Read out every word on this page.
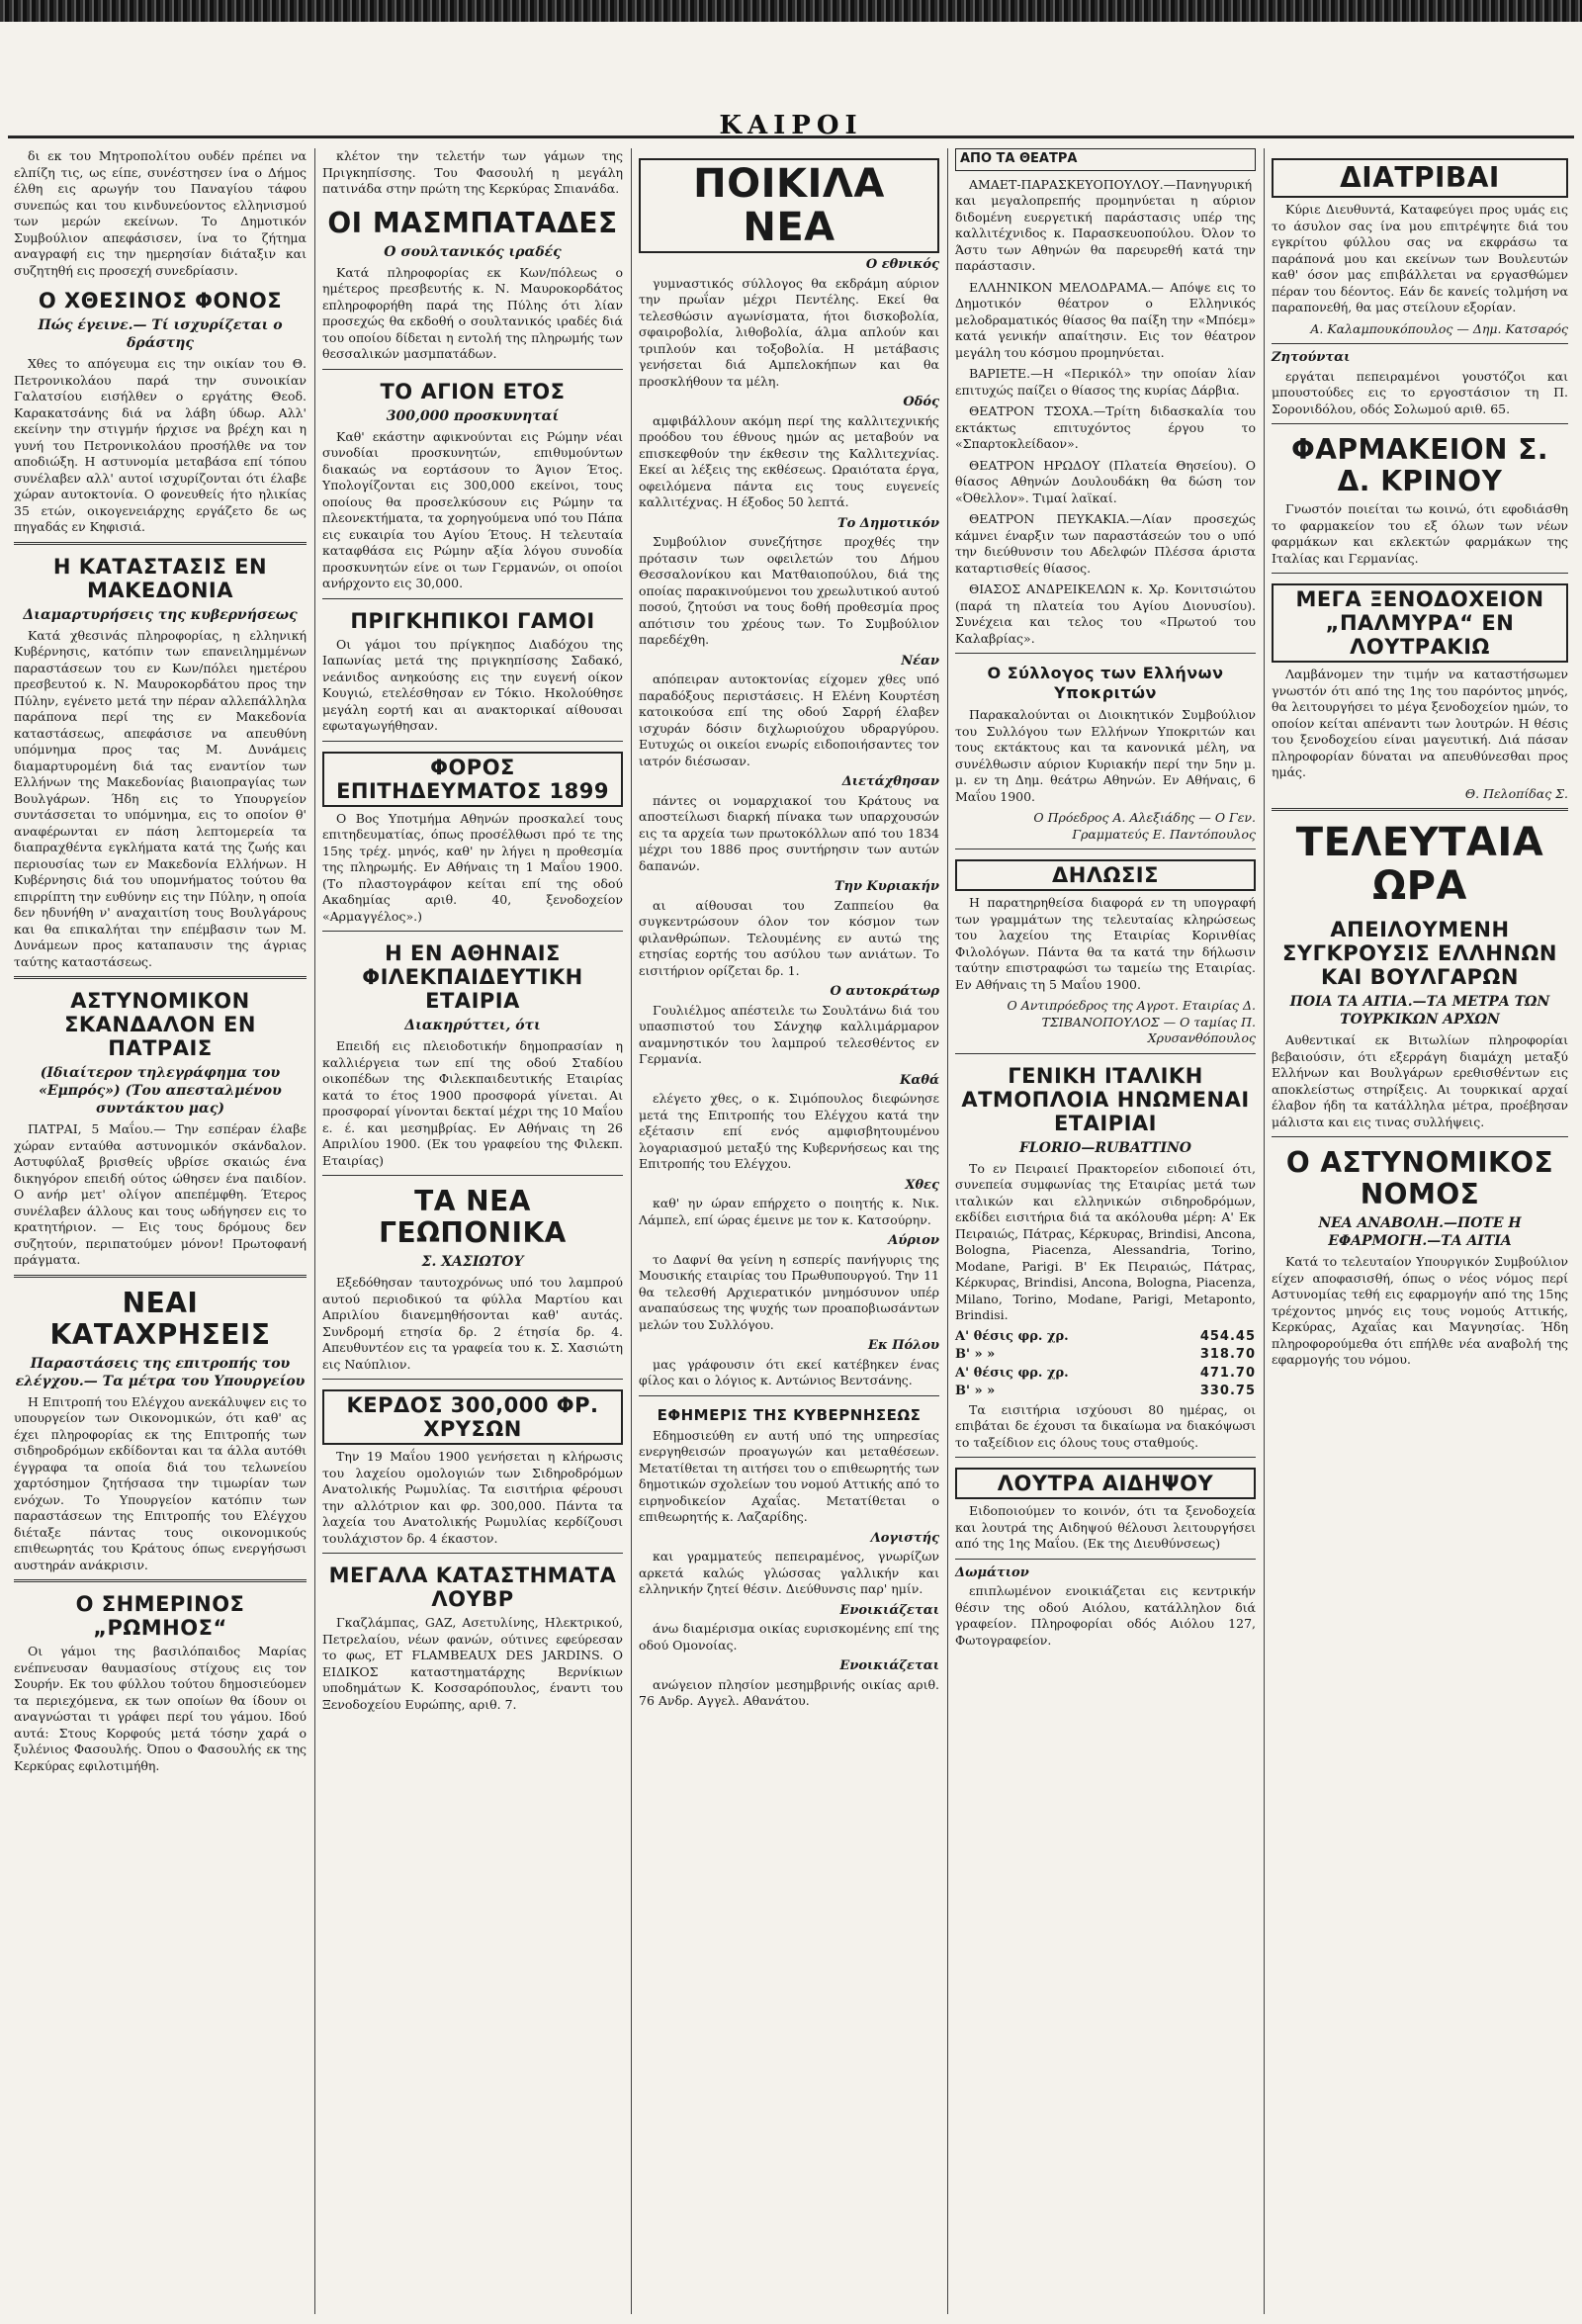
ΚΑΙΡΟΙ

δι εκ του Μητροπολίτου ουδέν πρέπει να ελπίζη τις, ως είπε, συνέστησεν ίνα ο Δήμος έλθη εις αρωγήν του Παναγίου τάφου συνεπώς και του κινδυνεύοντος ελληνισμού των μερών εκείνων. Το Δημοτικόν Συμβούλιον απεφάσισεν, ίνα το ζήτημα αναγραφή εις την ημερησίαν διάταξιν και συζητηθή εις προσεχή συνεδρίασιν.

Ο ΧΘΕΣΙΝΟΣ ΦΟΝΟΣ
Πώς έγεινε.— Τί ισχυρίζεται ο δράστης

Χθες το απόγευμα εις την οικίαν του Θ. Πετρονικολάου παρά την συνοικίαν Γαλατσίου εισήλθεν ο εργάτης Θεοδ. Καρακατσάνης διά να λάβη ύδωρ. Αλλ' εκείνην την στιγμήν ήρχισε να βρέχη και η γυνή του Πετρονικολάου προσήλθε να τον αποδιώξη. Η αστυνομία μεταβάσα επί τόπου συνέλαβεν αλλ' αυτοί ισχυρίζονται ότι έλαβε χώραν αυτοκτονία. Ο φονευθείς ήτο ηλικίας 35 ετών, οικογενειάρχης εργάζετο δε ως πηγαδάς εν Κηφισιά.

Η ΚΑΤΑΣΤΑΣΙΣ ΕΝ ΜΑΚΕΔΟΝΙΑ
Διαμαρτυρήσεις της κυβερνήσεως

Κατά χθεσινάς πληροφορίας, η ελληνική Κυβέρνησις, κατόπιν των επανειλημμένων παραστάσεων του εν Κων/πόλει ημετέρου πρεσβευτού κ. Ν. Μαυροκορδάτου προς την Πύλην, εγένετο μετά την πέραν αλλεπάλληλα παράπονα περί της εν Μακεδονία καταστάσεως, απεφάσισε να απευθύνη υπόμνημα προς τας Μ. Δυνάμεις διαμαρτυρομένη διά τας εναντίον των Ελλήνων της Μακεδονίας βιαιοπραγίας των Βουλγάρων. Ήδη εις το Υπουργείον συντάσσεται το υπόμνημα, εις το οποίον θ' αναφέρωνται εν πάση λεπτομερεία τα διαπραχθέντα εγκλήματα κατά της ζωής και περιουσίας των εν Μακεδονία Ελλήνων. Η Κυβέρνησις διά του υπομνήματος τούτου θα επιρρίπτη την ευθύνην εις την Πύλην, η οποία δεν ηδυνήθη ν' αναχαιτίση τους Βουλγάρους και θα επικαλήται την επέμβασιν των Μ. Δυνάμεων προς καταπαυσιν της άγριας ταύτης καταστάσεως.

ΑΣΤΥΝΟΜΙΚΟΝ ΣΚΑΝΔΑΛΟΝ ΕΝ ΠΑΤΡΑΙΣ
(Ιδιαίτερον τηλεγράφημα του «Εμπρός») (Του απεσταλμένου συντάκτου μας)

ΠΑΤΡΑΙ, 5 Μαΐου.— Την εσπέραν έλαβε χώραν ενταύθα αστυνομικόν σκάνδαλον. Αστυφύλαξ βρισθείς υβρίσε σκαιώς ένα δικηγόρον επειδή ούτος ώθησεν ένα παιδίον. Ο ανήρ μετ' ολίγον απεπέμφθη. Έτερος συνέλαβεν άλλους και τους ωδήγησεν εις το κρατητήριον. — Εις τους δρόμους δεν συζητούν, περιπατούμεν μόνον! Πρωτοφανή πράγματα.

ΝΕΑΙ ΚΑΤΑΧΡΗΣΕΙΣ
Παραστάσεις της επιτροπής του ελέγχου.— Τα μέτρα του Υπουργείου

Η Επιτροπή του Ελέγχου ανεκάλυψεν εις το υπουργείον των Οικονομικών, ότι καθ' ας έχει πληροφορίας εκ της Επιτροπής των σιδηροδρόμων εκδίδονται και τα άλλα αυτόθι έγγραφα τα οποία διά του τελωνείου χαρτόσημον ζητήσασα την τιμωρίαν των ενόχων. Το Υπουργείον κατόπιν των παραστάσεων της Επιτροπής του Ελέγχου διέταξε πάντας τους οικονομικούς επιθεωρητάς του Κράτους όπως ενεργήσωσι αυστηράν ανάκρισιν.

Ο ΣΗΜΕΡΙΝΟΣ „ΡΩΜΗΟΣ“

Οι γάμοι της βασιλόπαιδος Μαρίας ενέπνευσαν θαυμασίους στίχους εις τον Σουρήν. Εκ του φύλλου τούτου δημοσιεύομεν τα περιεχόμενα, εκ των οποίων θα ίδουν οι αναγνώσται τι γράφει περί του γάμου. Ιδού αυτά: Στους Κορφούς μετά τόσην χαρά ο ξυλένιος Φασουλής. Όπου ο Φασουλής εκ της Κερκύρας εφιλοτιμήθη.

κλέτον την τελετήν των γάμων της Πριγκηπίσσης. Του Φασουλή η μεγάλη πατινάδα στην πρώτη της Κερκύρας Σπιανάδα.

ΟΙ ΜΑΣΜΠΑΤΑΔΕΣ
Ο σουλτανικός ιραδές

Κατά πληροφορίας εκ Κων/πόλεως ο ημέτερος πρεσβευτής κ. Ν. Μαυροκορδάτος επληροφορήθη παρά της Πύλης ότι λίαν προσεχώς θα εκδοθή ο σουλτανικός ιραδές διά του οποίου δίδεται η εντολή της πληρωμής των θεσσαλικών μασμπατάδων.

ΤΟ ΑΓΙΟΝ ΕΤΟΣ
300,000 προσκυνηταί

Καθ' εκάστην αφικνούνται εις Ρώμην νέαι συνοδίαι προσκυνητών, επιθυμούντων διακαώς να εορτάσουν το Άγιον Έτος. Υπολογίζονται εις 300,000 εκείνοι, τους οποίους θα προσελκύσουν εις Ρώμην τα πλεονεκτήματα, τα χορηγούμενα υπό του Πάπα εις ευκαιρία του Αγίου Έτους. Η τελευταία καταφθάσα εις Ρώμην αξία λόγου συνοδία προσκυνητών είνε οι των Γερμανών, οι οποίοι ανήρχοντο εις 30,000.

ΠΡΙΓΚΗΠΙΚΟΙ ΓΑΜΟΙ

Οι γάμοι του πρίγκηπος Διαδόχου της Ιαπωνίας μετά της πριγκηπίσσης Σαδακό, νεάνιδος ανηκούσης εις την ευγενή οίκον Κουγιώ, ετελέσθησαν εν Τόκιο. Ηκολούθησε μεγάλη εορτή και αι ανακτορικαί αίθουσαι εφωταγωγήθησαν.

ΦΟΡΟΣ ΕΠΙΤΗΔΕΥΜΑΤΟΣ 1899

Ο Βος Υποτμήμα Αθηνών προσκαλεί τους επιτηδευματίας, όπως προσέλθωσι πρό τε της 15ης τρέχ. μηνός, καθ' ην λήγει η προθεσμία της πληρωμής. Εν Αθήναις τη 1 Μαΐου 1900. (Το πλαστογράφον κείται επί της οδού Ακαδημίας αριθ. 40, ξενοδοχείον «Αρμαγγέλος».)

Η ΕΝ ΑΘΗΝΑΙΣ ΦΙΛΕΚΠΑΙΔΕΥΤΙΚΗ ΕΤΑΙΡΙΑ
Διακηρύττει, ότι

Επειδή εις πλειοδοτικήν δημοπρασίαν η καλλιέργεια των επί της οδού Σταδίου οικοπέδων της Φιλεκπαιδευτικής Εταιρίας κατά το έτος 1900 προσφορά γίνεται. Αι προσφοραί γίνονται δεκταί μέχρι της 10 Μαΐου ε. έ. και μεσημβρίας. Εν Αθήναις τη 26 Απριλίου 1900. (Εκ του γραφείου της Φιλεκπ. Εταιρίας)

ΤΑ ΝΕΑ ΓΕΩΠΟΝΙΚΑ
Σ. ΧΑΣΙΩΤΟΥ

Εξεδόθησαν ταυτοχρόνως υπό του λαμπρού αυτού περιοδικού τα φύλλα Μαρτίου και Απριλίου διανεμηθήσονται καθ' αυτάς. Συνδρομή ετησία δρ. 2 έτησία δρ. 4. Απευθυντέον εις τα γραφεία του κ. Σ. Χασιώτη εις Ναύπλιον.

ΚΕΡΔΟΣ 300,000 ΦΡ. ΧΡΥΣΩΝ

Την 19 Μαΐου 1900 γενήσεται η κλήρωσις του λαχείου ομολογιών των Σιδηροδρόμων Ανατολικής Ρωμυλίας. Τα εισιτήρια φέρουσι την αλλότριον και φρ. 300,000. Πάντα τα λαχεία του Ανατολικής Ρωμυλίας κερδίζουσι τουλάχιστον δρ. 4 έκαστον.

ΜΕΓΑΛΑ ΚΑΤΑΣΤΗΜΑΤΑ ΛΟΥΒΡ

Γκαζλάμπας, GAZ, Ασετυλίνης, Ηλεκτρικού, Πετρελαίου, νέων φανών, ούτινες εφεύρεσαν το φως, ET FLAMBEAUX DES JARDINS. Ο ΕΙΔΙΚΟΣ καταστηματάρχης Βερνίκιων υποδημάτων Κ. Κοσσαρόπουλος, έναντι του Ξενοδοχείου Ευρώπης, αριθ. 7.

ΠΟΙΚΙΛΑ ΝΕΑ
Ο εθνικός

γυμναστικός σύλλογος θα εκδράμη αύριον την πρωΐαν μέχρι Πεντέλης. Εκεί θα τελεσθώσιν αγωνίσματα, ήτοι δισκοβολία, σφαιροβολία, λιθοβολία, άλμα απλούν και τριπλούν και τοξοβολία. Η μετάβασις γενήσεται διά Αμπελοκήπων και θα προσκλήθουν τα μέλη.

Οδός

αμφιβάλλουν ακόμη περί της καλλιτεχνικής προόδου του έθνους ημών ας μεταβούν να επισκεφθούν την έκθεσιν της Καλλιτεχνίας. Εκεί αι λέξεις της εκθέσεως. Ωραιότατα έργα, οφειλόμενα πάντα εις τους ευγενείς καλλιτέχνας. Η έξοδος 50 λεπτά.

Το Δημοτικόν

Συμβούλιον συνεζήτησε προχθές την πρότασιν των οφειλετών του Δήμου Θεσσαλονίκου και Ματθαιοπούλου, διά της οποίας παρακινούμενοι του χρεωλυτικού αυτού ποσού, ζητούσι να τους δοθή προθεσμία προς απότισιν του χρέους των. Το Συμβούλιον παρεδέχθη.

Νέαν

απόπειραν αυτοκτονίας είχομεν χθες υπό παραδόξους περιστάσεις. Η Ελένη Κουρτέση κατοικούσα επί της οδού Σαρρή έλαβεν ισχυράν δόσιν διχλωριούχου υδραργύρου. Ευτυχώς οι οικείοι ενωρίς ειδοποιήσαντες τον ιατρόν διέσωσαν.

Διετάχθησαν

πάντες οι νομαρχιακοί του Κράτους να αποστείλωσι διαρκή πίνακα των υπαρχουσών εις τα αρχεία των πρωτοκόλλων από του 1834 μέχρι του 1886 προς συντήρησιν των αυτών δαπανών.

Την Κυριακήν

αι αίθουσαι του Ζαππείου θα συγκεντρώσουν όλον τον κόσμον των φιλανθρώπων. Τελουμένης εν αυτώ της ετησίας εορτής του ασύλου των ανιάτων. Το εισιτήριον ορίζεται δρ. 1.

Ο αυτοκράτωρ

Γουλιέλμος απέστειλε τω Σουλτάνω διά του υπασπιστού του Σάνχηφ καλλιμάρμαρον αναμνηστικόν του λαμπρού τελεσθέντος εν Γερμανία.

Καθά

ελέγετο χθες, ο κ. Σιμόπουλος διεφώνησε μετά της Επιτροπής του Ελέγχου κατά την εξέτασιν επί ενός αμφισβητουμένου λογαριασμού μεταξύ της Κυβερνήσεως και της Επιτροπής του Ελέγχου.

Χθες

καθ' ην ώραν επήρχετο ο ποιητής κ. Νικ. Λάμπελ, επί ώρας έμεινε με τον κ. Κατσούρην.

Αύριον

το Δαφνί θα γείνη η εσπερίς πανήγυρις της Μουσικής εταιρίας του Πρωθυπουργού. Την 11 θα τελεσθή Αρχιερατικόν μνημόσυνον υπέρ αναπαύσεως της ψυχής των προαποβιωσάντων μελών του Συλλόγου.

Εκ Πόλου

μας γράφουσιν ότι εκεί κατέβηκεν ένας φίλος και ο λόγιος κ. Αντώνιος Βεντσάνης.

ΕΦΗΜΕΡΙΣ ΤΗΣ ΚΥΒΕΡΝΗΣΕΩΣ

Εδημοσιεύθη εν αυτή υπό της υπηρεσίας ενεργηθεισών προαγωγών και μεταθέσεων. Μετατίθεται τη αιτήσει του ο επιθεωρητής των δημοτικών σχολείων του νομού Αττικής από το ειρηνοδικείον Αχαΐας. Μετατίθεται ο επιθεωρητής κ. Λαζαρίδης.

Λογιστής

και γραμματεύς πεπειραμένος, γνωρίζων αρκετά καλώς γλώσσας γαλλικήν και ελληνικήν ζητεί θέσιν. Διεύθυνσις παρ' ημίν.

Ενοικιάζεται

άνω διαμέρισμα οικίας ευρισκομένης επί της οδού Ομονοίας.

Ενοικιάζεται

ανώγειον πλησίον μεσημβρινής οικίας αριθ. 76 Ανδρ. Αγγελ. Αθανάτου.

ΑΠΟ ΤΑ ΘΕΑΤΡΑ

ΑΜΑΕΤ-ΠΑΡΑΣΚΕΥΟΠΟΥΛΟΥ.—Πανηγυρική και μεγαλοπρεπής προμηνύεται η αύριον διδομένη ευεργετική παράστασις υπέρ της καλλιτέχνιδος κ. Παρασκευοπούλου. Όλον το Άστυ των Αθηνών θα παρευρεθή κατά την παράστασιν.

ΕΛΛΗΝΙΚΟΝ ΜΕΛΟΔΡΑΜΑ.— Απόψε εις το Δημοτικόν θέατρον ο Ελληνικός μελοδραματικός θίασος θα παίξη την «Μπόεμ» κατά γενικήν απαίτησιν. Εις τον θέατρον μεγάλη του κόσμου προμηνύεται.

ΒΑΡΙΕΤΕ.—Η «Περικόλ» την οποίαν λίαν επιτυχώς παίζει ο θίασος της κυρίας Δάρβια.

ΘΕΑΤΡΟΝ ΤΣΟΧΑ.—Τρίτη διδασκαλία του εκτάκτως επιτυχόντος έργου το «Σπαρτοκλείδαον».

ΘΕΑΤΡΟΝ ΗΡΩΔΟΥ (Πλατεία Θησείου). Ο θίασος Αθηνών Δουλουδάκη θα δώση τον «Όθελλον». Τιμαί λαϊκαί.

ΘΕΑΤΡΟΝ ΠΕΥΚΑΚΙΑ.—Λίαν προσεχώς κάμνει έναρξιν των παραστάσεών του ο υπό την διεύθυνσιν του Αδελφών Πλέσσα άριστα καταρτισθείς θίασος.

ΘΙΑΣΟΣ ΑΝΔΡΕΙΚΕΛΩΝ κ. Χρ. Κονιτσιώτου (παρά τη πλατεία του Αγίου Διονυσίου). Συνέχεια και τελος του «Πρωτού του Καλαβρίας».

Ο Σύλλογος των Ελλήνων Υποκριτών

Παρακαλούνται οι Διοικητικόν Συμβούλιον του Συλλόγου των Ελλήνων Υποκριτών και τους εκτάκτους και τα κανονικά μέλη, να συνέλθωσιν αύριον Κυριακήν περί την 5ην μ. μ. εν τη Δημ. θεάτρω Αθηνών. Εν Αθήναις, 6 Μαΐου 1900.

Ο Πρόεδρος Α. Αλεξιάδης — Ο Γεν. Γραμματεύς Ε. Παντόπουλος
ΔΗΛΩΣΙΣ

Η παρατηρηθείσα διαφορά εν τη υπογραφή των γραμμάτων της τελευταίας κληρώσεως του λαχείου της Εταιρίας Κορινθίας Φιλολόγων. Πάντα θα τα κατά την δήλωσιν ταύτην επιστραφώσι τω ταμείω της Εταιρίας. Εν Αθήναις τη 5 Μαΐου 1900.

Ο Αντιπρόεδρος της Αγροτ. Εταιρίας Δ. ΤΣΙΒΑΝΟΠΟΥΛΟΣ — Ο ταμίας Π. Χρυσανθόπουλος
ΓΕΝΙΚΗ ΙΤΑΛΙΚΗ ΑΤΜΟΠΛΟΙΑ ΗΝΩΜΕΝΑΙ ΕΤΑΙΡΙΑΙ
FLORIO—RUBATTINO

Το εν Πειραιεί Πρακτορείον ειδοποιεί ότι, συνεπεία συμφωνίας της Εταιρίας μετά των ιταλικών και ελληνικών σιδηροδρόμων, εκδίδει εισιτήρια διά τα ακόλουθα μέρη: Α' Εκ Πειραιώς, Πάτρας, Κέρκυρας, Brindisi, Ancona, Bologna, Piacenza, Alessandria, Torino, Modane, Parigi. Β' Εκ Πειραιώς, Πάτρας, Κέρκυρας, Brindisi, Ancona, Bologna, Piacenza, Milano, Torino, Modane, Parigi, Metaponto, Brindisi.

Α' θέσις φρ. χρ.	454.45
Β' » »	318.70
Α' θέσις φρ. χρ.	471.70
Β' » »	330.75

Τα εισιτήρια ισχύουσι 80 ημέρας, οι επιβάται δε έχουσι τα δικαίωμα να διακόψωσι το ταξείδιον εις όλους τους σταθμούς.

ΛΟΥΤΡΑ ΑΙΔΗΨΟΥ

Ειδοποιούμεν το κοινόν, ότι τα ξενοδοχεία και λουτρά της Αιδηψού θέλουσι λειτουργήσει από της 1ης Μαΐου. (Εκ της Διευθύνσεως)

Δωμάτιον

επιπλωμένον ενοικιάζεται εις κεντρικήν θέσιν της οδού Αιόλου, κατάλληλον διά γραφείον. Πληροφορίαι οδός Αιόλου 127, Φωτογραφείον.

ΔΙΑΤΡΙΒΑΙ

Κύριε Διευθυντά, Καταφεύγει προς υμάς εις το άσυλον σας ίνα μου επιτρέψητε διά του εγκρίτου φύλλου σας να εκφράσω τα παράπονά μου και εκείνων των Βουλευτών καθ' όσον μας επιβάλλεται να εργασθώμεν πέραν του δέοντος. Εάν δε κανείς τολμήση να παραπονεθή, θα μας στείλουν εξορίαν.

Α. Καλαμπουκόπουλος — Δημ. Κατσαρός
Ζητούνται

εργάται πεπειραμένοι γουστόζοι και μπουστούδες εις το εργοστάσιον τη Π. Σορονιδόλου, οδός Σολωμού αριθ. 65.

ΦΑΡΜΑΚΕΙΟΝ Σ. Δ. ΚΡΙΝΟΥ

Γνωστόν ποιείται τω κοινώ, ότι εφοδιάσθη το φαρμακείον του εξ όλων των νέων φαρμάκων και εκλεκτών φαρμάκων της Ιταλίας και Γερμανίας.

ΜΕΓΑ ΞΕΝΟΔΟΧΕΙΟΝ „ΠΑΛΜΥΡΑ“ ΕΝ ΛΟΥΤΡΑΚΙΩ

Λαμβάνομεν την τιμήν να καταστήσωμεν γνωστόν ότι από της 1ης του παρόντος μηνός, θα λειτουργήσει το μέγα ξενοδοχείον ημών, το οποίον κείται απέναντι των λουτρών. Η θέσις του ξενοδοχείου είναι μαγευτική. Διά πάσαν πληροφορίαν δύναται να απευθύνεσθαι προς ημάς.

Θ. Πελοπίδας Σ.
ΤΕΛΕΥΤΑΙΑ ΩΡΑ
ΑΠΕΙΛΟΥΜΕΝΗ ΣΥΓΚΡΟΥΣΙΣ ΕΛΛΗΝΩΝ ΚΑΙ ΒΟΥΛΓΑΡΩΝ
ΠΟΙΑ ΤΑ ΑΙΤΙΑ.—ΤΑ ΜΕΤΡΑ ΤΩΝ ΤΟΥΡΚΙΚΩΝ ΑΡΧΩΝ

Αυθεντικαί εκ Βιτωλίων πληροφορίαι βεβαιούσιν, ότι εξερράγη διαμάχη μεταξύ Ελλήνων και Βουλγάρων ερεθισθέντων εις αποκλείστως στηρίξεις. Αι τουρκικαί αρχαί έλαβον ήδη τα κατάλληλα μέτρα, προέβησαν μάλιστα και εις τινας συλλήψεις.

Ο ΑΣΤΥΝΟΜΙΚΟΣ ΝΟΜΟΣ
ΝΕΑ ΑΝΑΒΟΛΗ.—ΠΟΤΕ Η ΕΦΑΡΜΟΓΗ.—ΤΑ ΑΙΤΙΑ

Κατά το τελευταίον Υπουργικόν Συμβούλιον είχεν αποφασισθή, όπως ο νέος νόμος περί Αστυνομίας τεθή εις εφαρμογήν από της 15ης τρέχοντος μηνός εις τους νομούς Αττικής, Κερκύρας, Αχαΐας και Μαγνησίας. Ήδη πληροφορούμεθα ότι επήλθε νέα αναβολή της εφαρμογής του νόμου.
